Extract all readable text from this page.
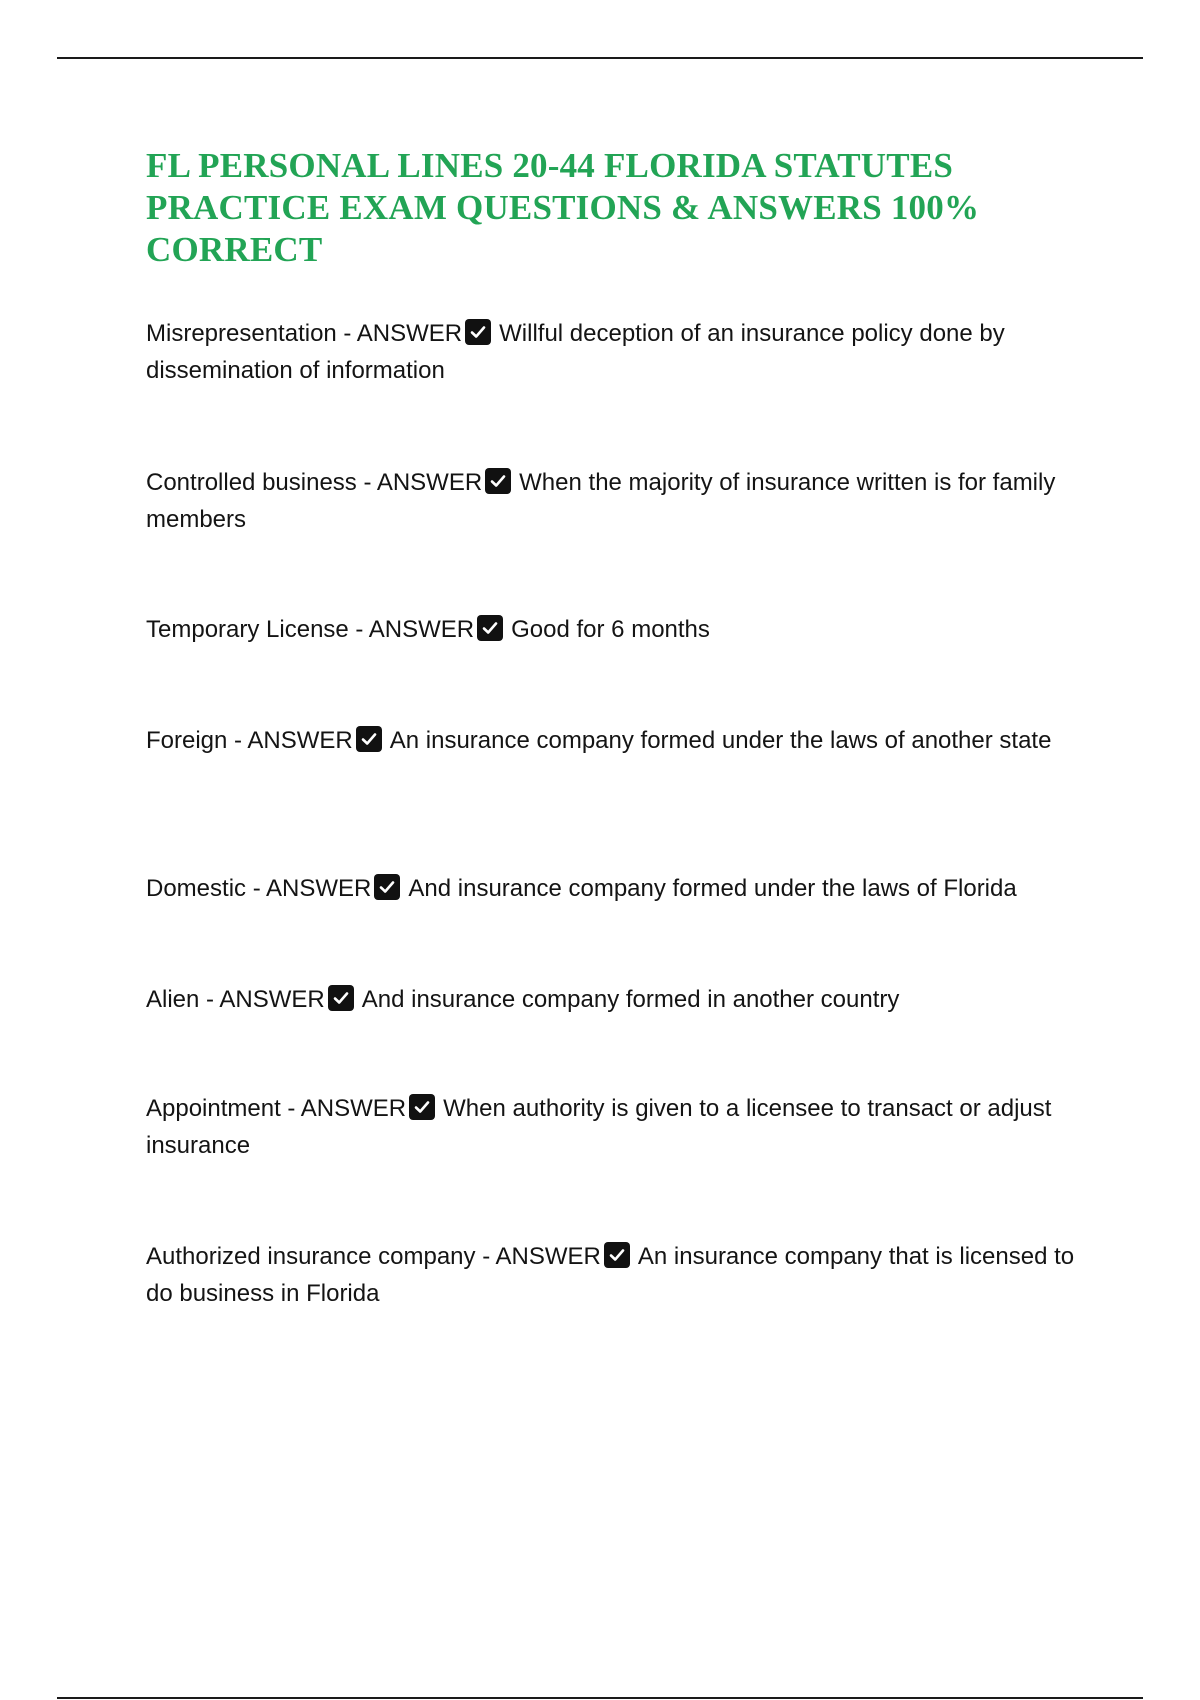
FL PERSONAL LINES 20-44 FLORIDA STATUTES PRACTICE EXAM QUESTIONS & ANSWERS 100% CORRECT
Misrepresentation - ANSWER Willful deception of an insurance policy done by dissemination of information
Controlled business - ANSWER When the majority of insurance written is for family members
Temporary License - ANSWER Good for 6 months
Foreign - ANSWER An insurance company formed under the laws of another state
Domestic - ANSWER And insurance company formed under the laws of Florida
Alien - ANSWER And insurance company formed in another country
Appointment - ANSWER When authority is given to a licensee to transact or adjust insurance
Authorized insurance company - ANSWER An insurance company that is licensed to do business in Florida
